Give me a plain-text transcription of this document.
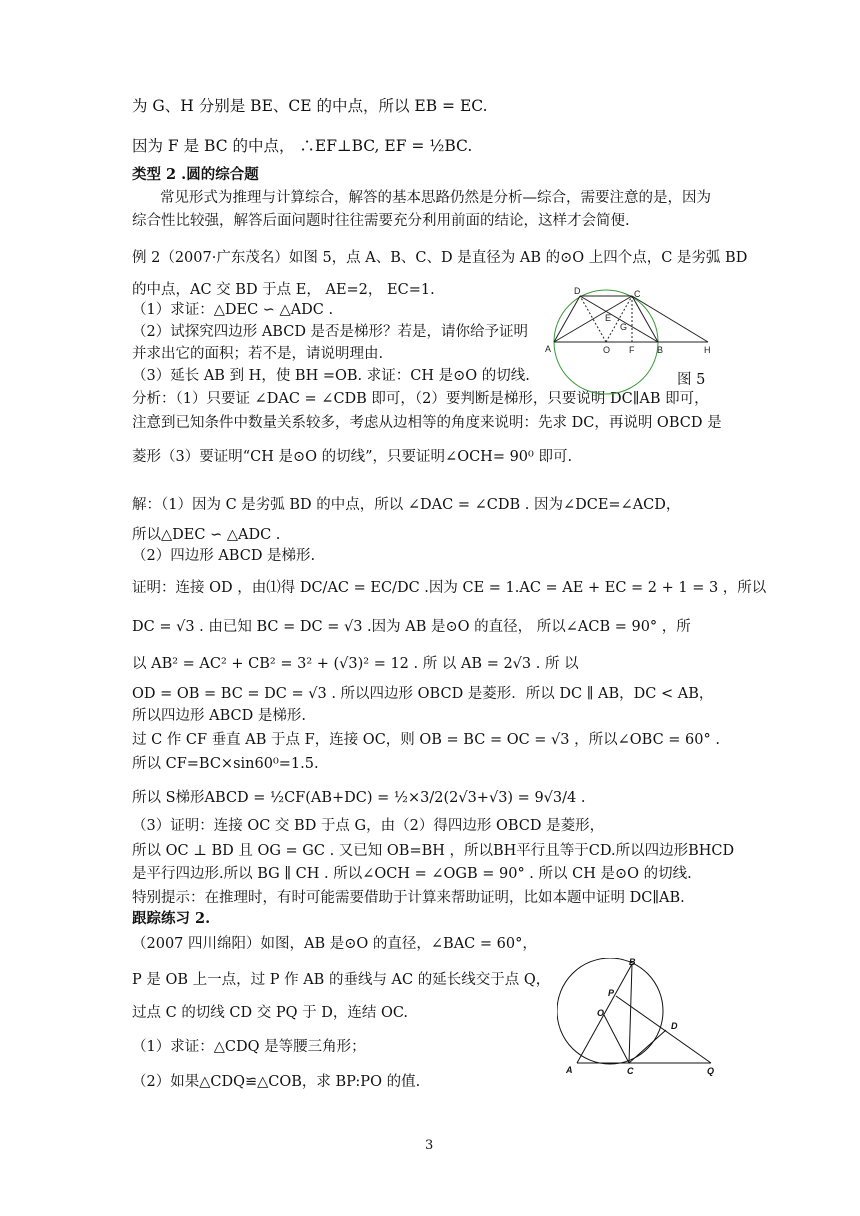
为 G、H 分别是 BE、CE 的中点，所以 EB = EC.
因为 F 是 BC 的中点， ∴EF⊥BC, EF = ½BC.
类型 2 .圆的综合题
常见形式为推理与计算综合，解答的基本思路仍然是分析—综合，需要注意的是，因为
综合性比较强，解答后面问题时往往需要充分利用前面的结论，这样才会简便.
例 2（2007·广东茂名）如图 5，点 A、B、C、D 是直径为 AB 的⊙O 上四个点，C 是劣弧 BD
的中点，AC 交 BD 于点 E， AE=2， EC=1.
（1）求证：△DEC ∽ △ADC .
（2）试探究四边形 ABCD 是否是梯形？若是，请你给予证明
并求出它的面积；若不是，请说明理由.
（3）延长 AB 到 H，使 BH =OB. 求证：CH 是⊙O 的切线.
分析：（1）只要证 ∠DAC = ∠CDB 即可，（2）要判断是梯形，只要说明 DC∥AB 即可，
注意到已知条件中数量关系较多，考虑从边相等的角度来说明：先求 DC，再说明 OBCD 是
菱形（3）要证明“CH 是⊙O 的切线”，只要证明∠OCH= 90⁰ 即可.
解：（1）因为 C 是劣弧 BD 的中点，所以 ∠DAC = ∠CDB . 因为∠DCE=∠ACD，
所以△DEC ∽ △ADC .
（2）四边形 ABCD 是梯形.
证明：连接 OD ，由⑴得 DC/AC = EC/DC .因为 CE = 1.AC = AE + EC = 2 + 1 = 3 ，所以
DC = √3 . 由已知 BC = DC = √3 .因为 AB 是⊙O 的直径， 所以∠ACB = 90° ，所
以 AB² = AC² + CB² = 3² + (√3)² = 12 . 所 以 AB = 2√3 . 所 以
OD = OB = BC = DC = √3 . 所以四边形 OBCD 是菱形．所以 DC ∥ AB，DC < AB，
所以四边形 ABCD 是梯形.
过 C 作 CF 垂直 AB 于点 F，连接 OC，则 OB = BC = OC = √3 ，所以∠OBC = 60° .
所以 CF=BC×sin60⁰=1.5.
所以 S梯形ABCD = ½CF(AB+DC) = ½×3/2(2√3+√3) = 9√3/4 .
（3）证明：连接 OC 交 BD 于点 G，由（2）得四边形 OBCD 是菱形，
所以 OC ⊥ BD 且 OG = GC . 又已知 OB=BH ，所以BH平行且等于CD.所以四边形BHCD
是平行四边形.所以 BG ∥ CH . 所以∠OCH = ∠OGB = 90° . 所以 CH 是⊙O 的切线.
特别提示：在推理时，有时可能需要借助于计算来帮助证明，比如本题中证明 DC∥AB.
跟踪练习 2.
（2007 四川绵阳）如图，AB 是⊙O 的直径，∠BAC = 60°，
P 是 OB 上一点，过 P 作 AB 的垂线与 AC 的延长线交于点 Q，
过点 C 的切线 CD 交 PQ 于 D，连结 OC.
（1）求证：△CDQ 是等腰三角形；
（2）如果△CDQ≌△COB，求 BP:PO 的值.
D	C
E
G
A	O F	B	H
图 5
B
P
O
D
A	C	Q
3
